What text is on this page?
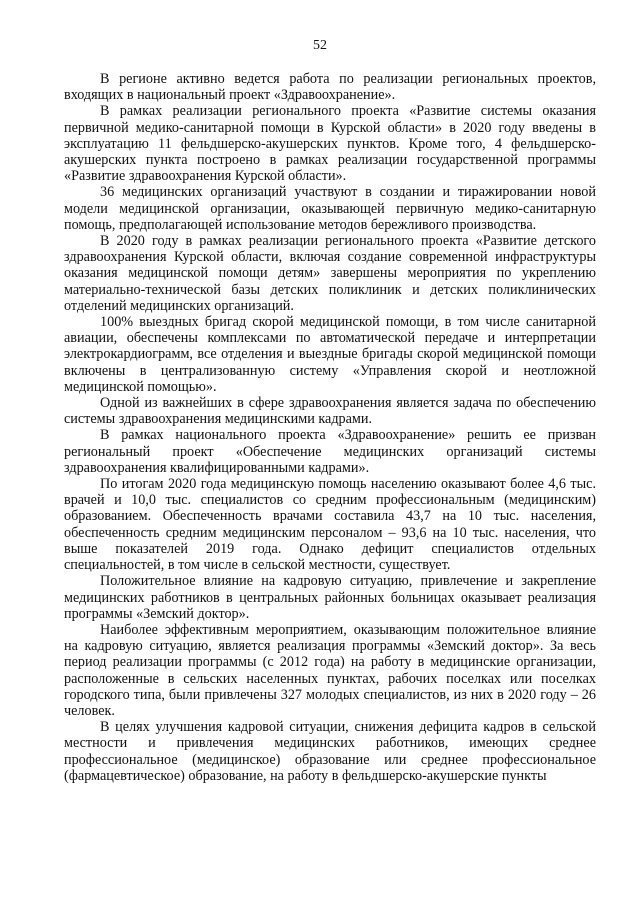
52

В регионе активно ведется работа по реализации региональных проектов, входящих в национальный проект «Здравоохранение».

В рамках реализации регионального проекта «Развитие системы оказания первичной медико-санитарной помощи в Курской области» в 2020 году введены в эксплуатацию 11 фельдшерско-акушерских пунктов. Кроме того, 4 фельдшерско-акушерских пункта построено в рамках реализации государственной программы «Развитие здравоохранения Курской области».

36 медицинских организаций участвуют в создании и тиражировании новой модели медицинской организации, оказывающей первичную медико-санитарную помощь, предполагающей использование методов бережливого производства.

В 2020 году в рамках реализации регионального проекта «Развитие детского здравоохранения Курской области, включая создание современной инфраструктуры оказания медицинской помощи детям» завершены мероприятия по укреплению материально-технической базы детских поликлиник и детских поликлинических отделений медицинских организаций.

100% выездных бригад скорой медицинской помощи, в том числе санитарной авиации, обеспечены комплексами по автоматической передаче и интерпретации электрокардиограмм, все отделения и выездные бригады скорой медицинской помощи включены в централизованную систему «Управления скорой и неотложной медицинской помощью».

Одной из важнейших в сфере здравоохранения является задача по обеспечению системы здравоохранения медицинскими кадрами.

В рамках национального проекта «Здравоохранение» решить ее призван региональный проект «Обеспечение медицинских организаций системы здравоохранения квалифицированными кадрами».

По итогам 2020 года медицинскую помощь населению оказывают более 4,6 тыс. врачей и 10,0 тыс. специалистов со средним профессиональным (медицинским) образованием. Обеспеченность врачами составила 43,7 на 10 тыс. населения, обеспеченность средним медицинским персоналом – 93,6 на 10 тыс. населения, что выше показателей 2019 года. Однако дефицит специалистов отдельных специальностей, в том числе в сельской местности, существует.

Положительное влияние на кадровую ситуацию, привлечение и закрепление медицинских работников в центральных районных больницах оказывает реализация программы «Земский доктор».

Наиболее эффективным мероприятием, оказывающим положительное влияние на кадровую ситуацию, является реализация программы «Земский доктор». За весь период реализации программы (с 2012 года) на работу в медицинские организации, расположенные в сельских населенных пунктах, рабочих поселках или поселках городского типа, были привлечены 327 молодых специалистов, из них в 2020 году – 26 человек.

В целях улучшения кадровой ситуации, снижения дефицита кадров в сельской местности и привлечения медицинских работников, имеющих среднее профессиональное (медицинское) образование или среднее профессиональное (фармацевтическое) образование, на работу в фельдшерско-акушерские пункты
